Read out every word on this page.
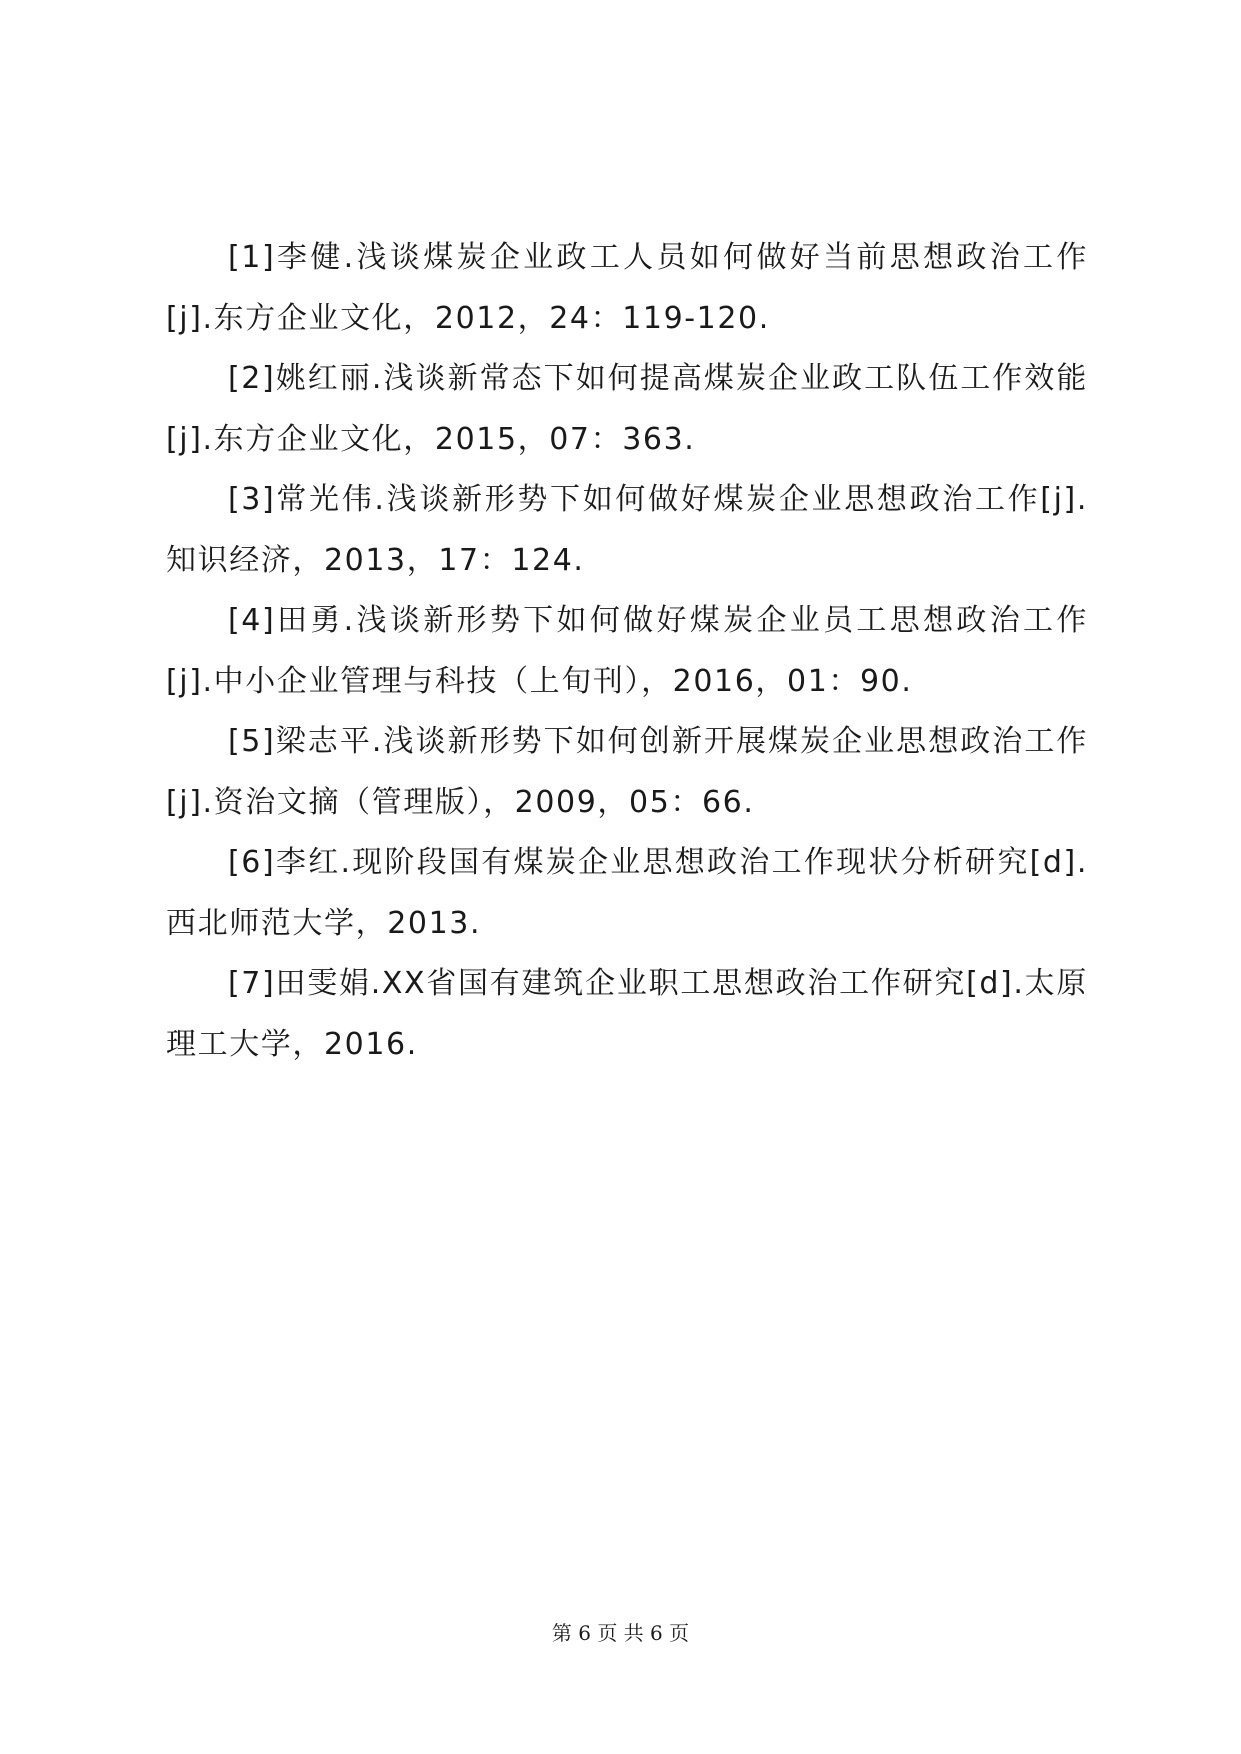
[1]李健.浅谈煤炭企业政工人员如何做好当前思想政治工作[j].东方企业文化，2012，24：119-120.

[2]姚红丽.浅谈新常态下如何提高煤炭企业政工队伍工作效能[j].东方企业文化，2015，07：363.

[3]常光伟.浅谈新形势下如何做好煤炭企业思想政治工作[j].知识经济，2013，17：124.

[4]田勇.浅谈新形势下如何做好煤炭企业员工思想政治工作[j].中小企业管理与科技（上旬刊），2016，01：90.

[5]梁志平.浅谈新形势下如何创新开展煤炭企业思想政治工作[j].资治文摘（管理版），2009，05：66.

[6]李红.现阶段国有煤炭企业思想政治工作现状分析研究[d].西北师范大学，2013.

[7]田雯娟.XX省国有建筑企业职工思想政治工作研究[d].太原理工大学，2016.

第 6 页 共 6 页
